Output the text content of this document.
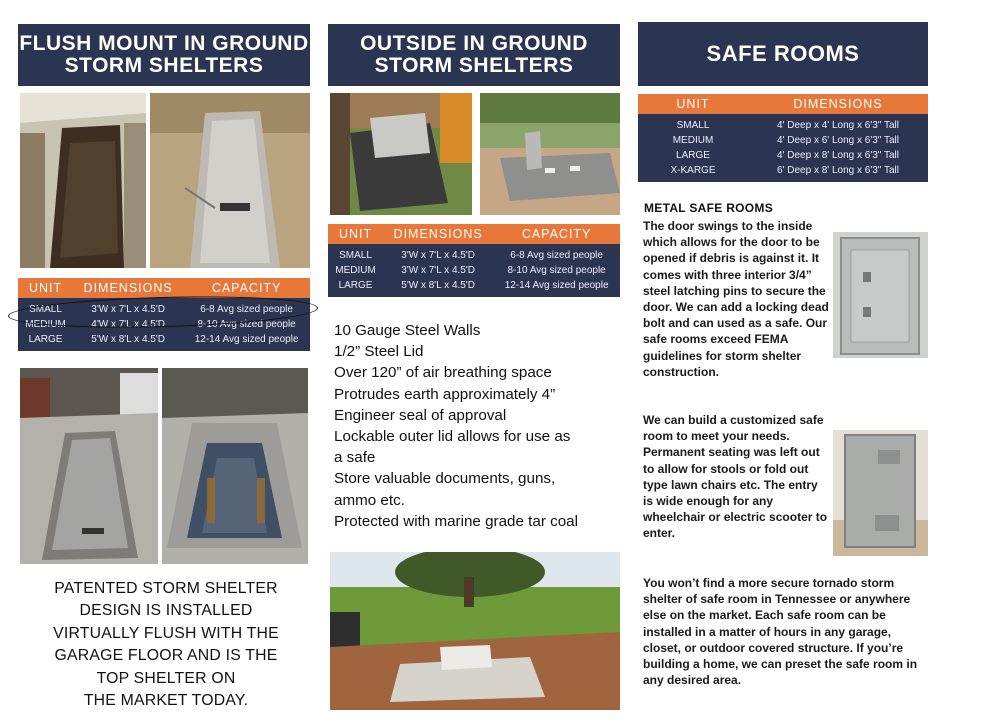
FLUSH MOUNT IN GROUND
STORM SHELTERS
UNIT	DIMENSIONS	CAPACITY
SMALL	3'W x 7'L x 4.5'D	6-8 Avg sized people
MEDIUM	4'W x 7'L x 4.5'D	8-10 Avg sized people
LARGE	5'W x 8'L x 4.5'D	12-14 Avg sized people
PATENTED STORM SHELTER
DESIGN IS INSTALLED
VIRTUALLY FLUSH WITH THE
GARAGE FLOOR AND IS THE
TOP SHELTER ON
THE MARKET TODAY.
OUTSIDE IN GROUND
STORM SHELTERS
UNIT	DIMENSIONS	CAPACITY
SMALL	3'W x 7'L x 4.5'D	6-8 Avg sized people
MEDIUM	3'W x 7'L x 4.5'D	8-10 Avg sized people
LARGE	5'W x 8'L x 4.5'D	12-14 Avg sized people
10 Gauge Steel Walls
1/2” Steel Lid
Over 120” of air breathing space
Protrudes earth approximately 4”
Engineer seal of approval
Lockable outer lid allows for use as
a safe
Store valuable documents, guns,
ammo etc.
Protected with marine grade tar coal
SAFE ROOMS
UNIT	DIMENSIONS
SMALL	4' Deep x 4' Long x 6'3" Tall
MEDIUM	4' Deep x 6' Long x 6'3" Tall
LARGE	4' Deep x 8' Long x 6'3" Tall
X-KARGE	6' Deep x 8' Long x 6'3" Tall
METAL SAFE ROOMS

The door swings to the inside which allows for the door to be opened if debris is against it. It comes with three interior 3/4” steel latching pins to secure the door. We can add a locking dead bolt and can used as a safe. Our safe rooms exceed FEMA guidelines for storm shelter construction.

We can build a customized safe room to meet your needs. Permanent seating was left out to allow for stools or fold out type lawn chairs etc. The entry is wide enough for any wheelchair or electric scooter to enter.

You won’t find a more secure tornado storm shelter of safe room in Tennessee or anywhere else on the market. Each safe room can be installed in a matter of hours in any garage, closet, or outdoor covered structure. If you’re building a home, we can preset the safe room in any desired area.
